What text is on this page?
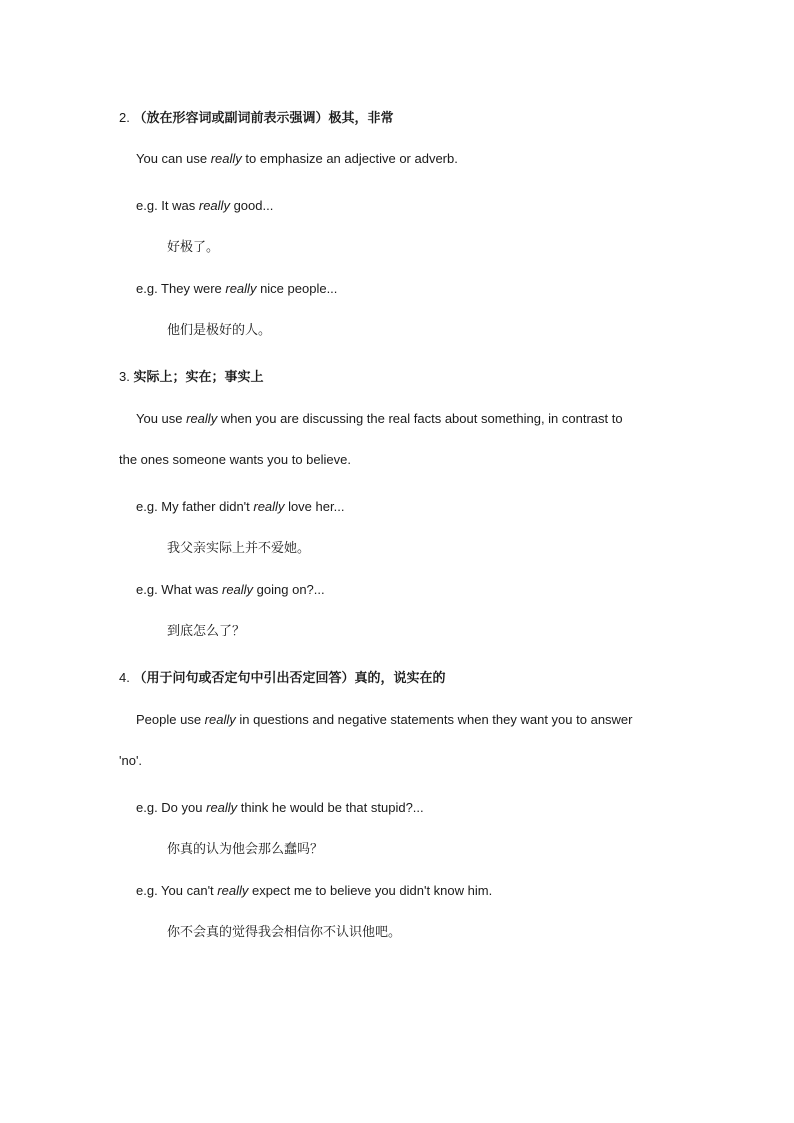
2. （放在形容词或副词前表示强调）极其，非常
You can use really to emphasize an adjective or adverb.
e.g. It was really good...
好极了。
e.g. They were really nice people...
他们是极好的人。
3. 实际上；实在；事实上
You use really when you are discussing the real facts about something, in contrast to
the ones someone wants you to believe.
e.g. My father didn't really love her...
我父亲实际上并不爱她。
e.g. What was really going on?...
到底怎么了？
4. （用于问句或否定句中引出否定回答）真的，说实在的
People use really in questions and negative statements when they want you to answer
'no'.
e.g. Do you really think he would be that stupid?...
你真的认为他会那么蠢吗？
e.g. You can't really expect me to believe you didn't know him.
你不会真的觉得我会相信你不认识他吧。
